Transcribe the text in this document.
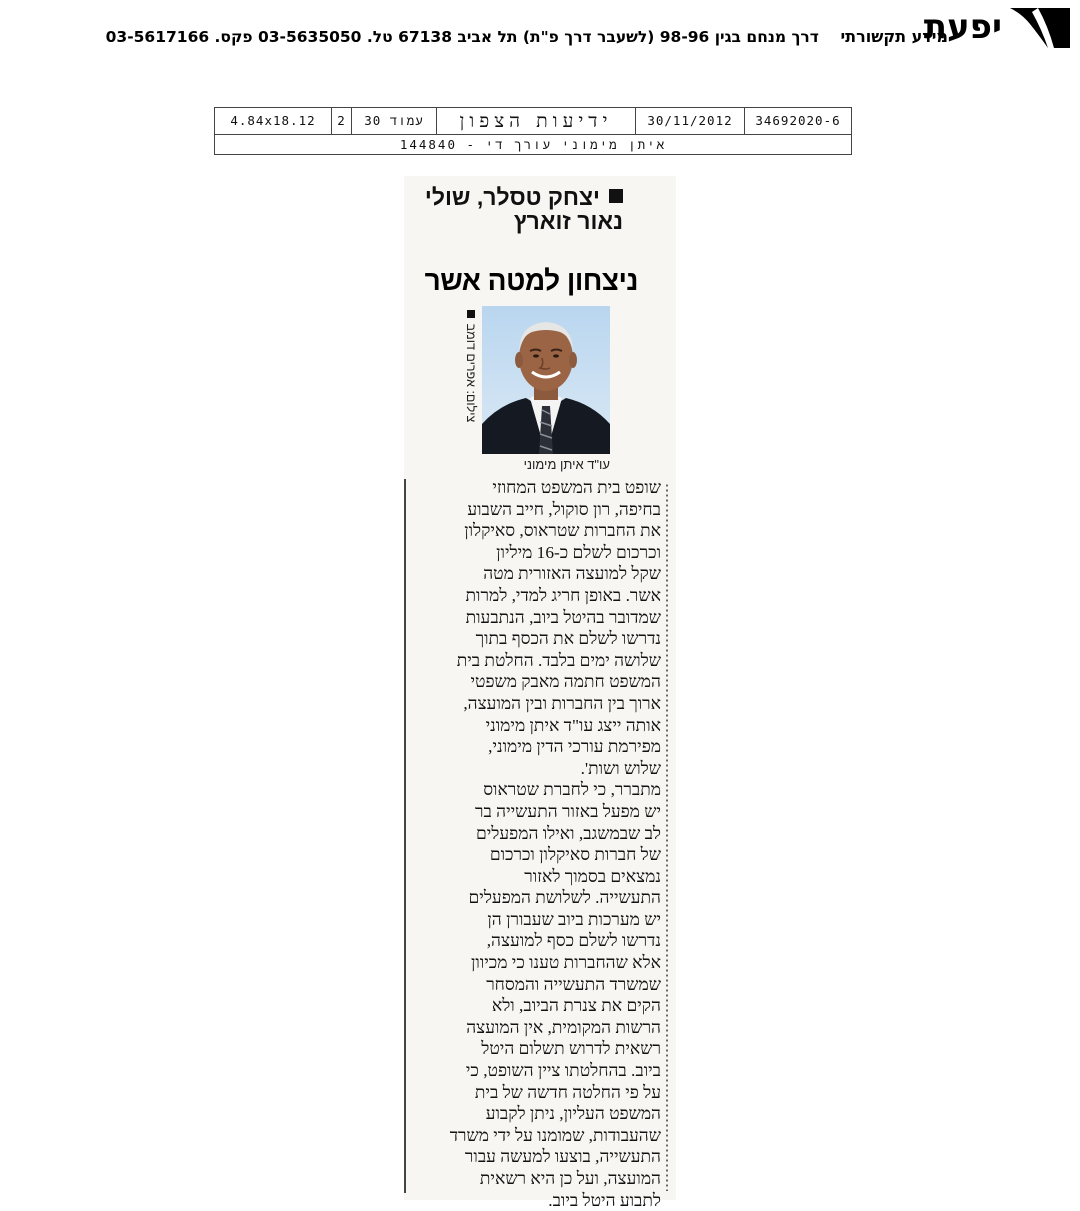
יפעת
מידע תקשורתי    דרך מנחם בגין 98-96 (לשעבר דרך פ"ת) תל אביב 67138 טל. 03-5635050 פקס. 03-5617166
4.84x18.12	2	עמוד 30	ידיעות הצפון	30/11/2012	34692020-6
איתן מימוני עורך די - 144840
יצחק טסלר, שולי
נאור זוארץ
ניצחון למטה אשר
צילום: אפרים דומב
עו"ד איתן מימוני
שופט בית המשפט המחוזי
בחיפה, רון סוקול, חייב השבוע
את החברות שטראוס, סאיקלון
וכרכום לשלם כ-16 מיליון
שקל למועצה האזורית מטה
אשר. באופן חריג למדי, למרות
שמדובר בהיטל ביוב, הנתבעות
נדרשו לשלם את הכסף בתוך
שלושה ימים בלבד. החלטת בית
המשפט חתמה מאבק משפטי
ארוך בין החברות ובין המועצה,
אותה ייצג עו"ד איתן מימוני
מפירמת עורכי הדין מימוני,
שלוש ושות'.
מתברר, כי לחברת שטראוס
יש מפעל באזור התעשייה בר
לב שבמשגב, ואילו המפעלים
של חברות סאיקלון וכרכום
נמצאים בסמוך לאזור
התעשייה. לשלושת המפעלים
יש מערכות ביוב שעבורן הן
נדרשו לשלם כסף למועצה,
אלא שהחברות טענו כי מכיוון
שמשרד התעשייה והמסחר
הקים את צנרת הביוב, ולא
הרשות המקומית, אין המועצה
רשאית לדרוש תשלום היטל
ביוב. בהחלטתו ציין השופט, כי
על פי החלטה חדשה של בית
המשפט העליון, ניתן לקבוע
שהעבודות, שמומנו על ידי משרד
התעשייה, בוצעו למעשה עבור
המועצה, ועל כן היא רשאית
לתבוע היטל ביוב.
